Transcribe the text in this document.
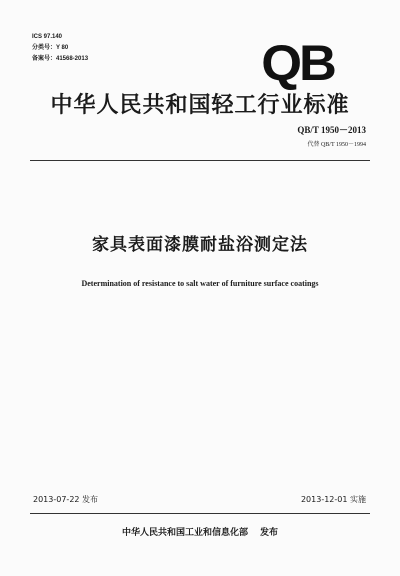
ICS 97.140
分类号：Y 80
备案号：41568-2013	QB
中华人民共和国轻工行业标准
QB/T 1950－2013
代替 QB/T 1950－1994
家具表面漆膜耐盐浴测定法
Determination of resistance to salt water of furniture surface coatings
2013-07-22 发布	2013-12-01 实施
中华人民共和国工业和信息化部 发布
